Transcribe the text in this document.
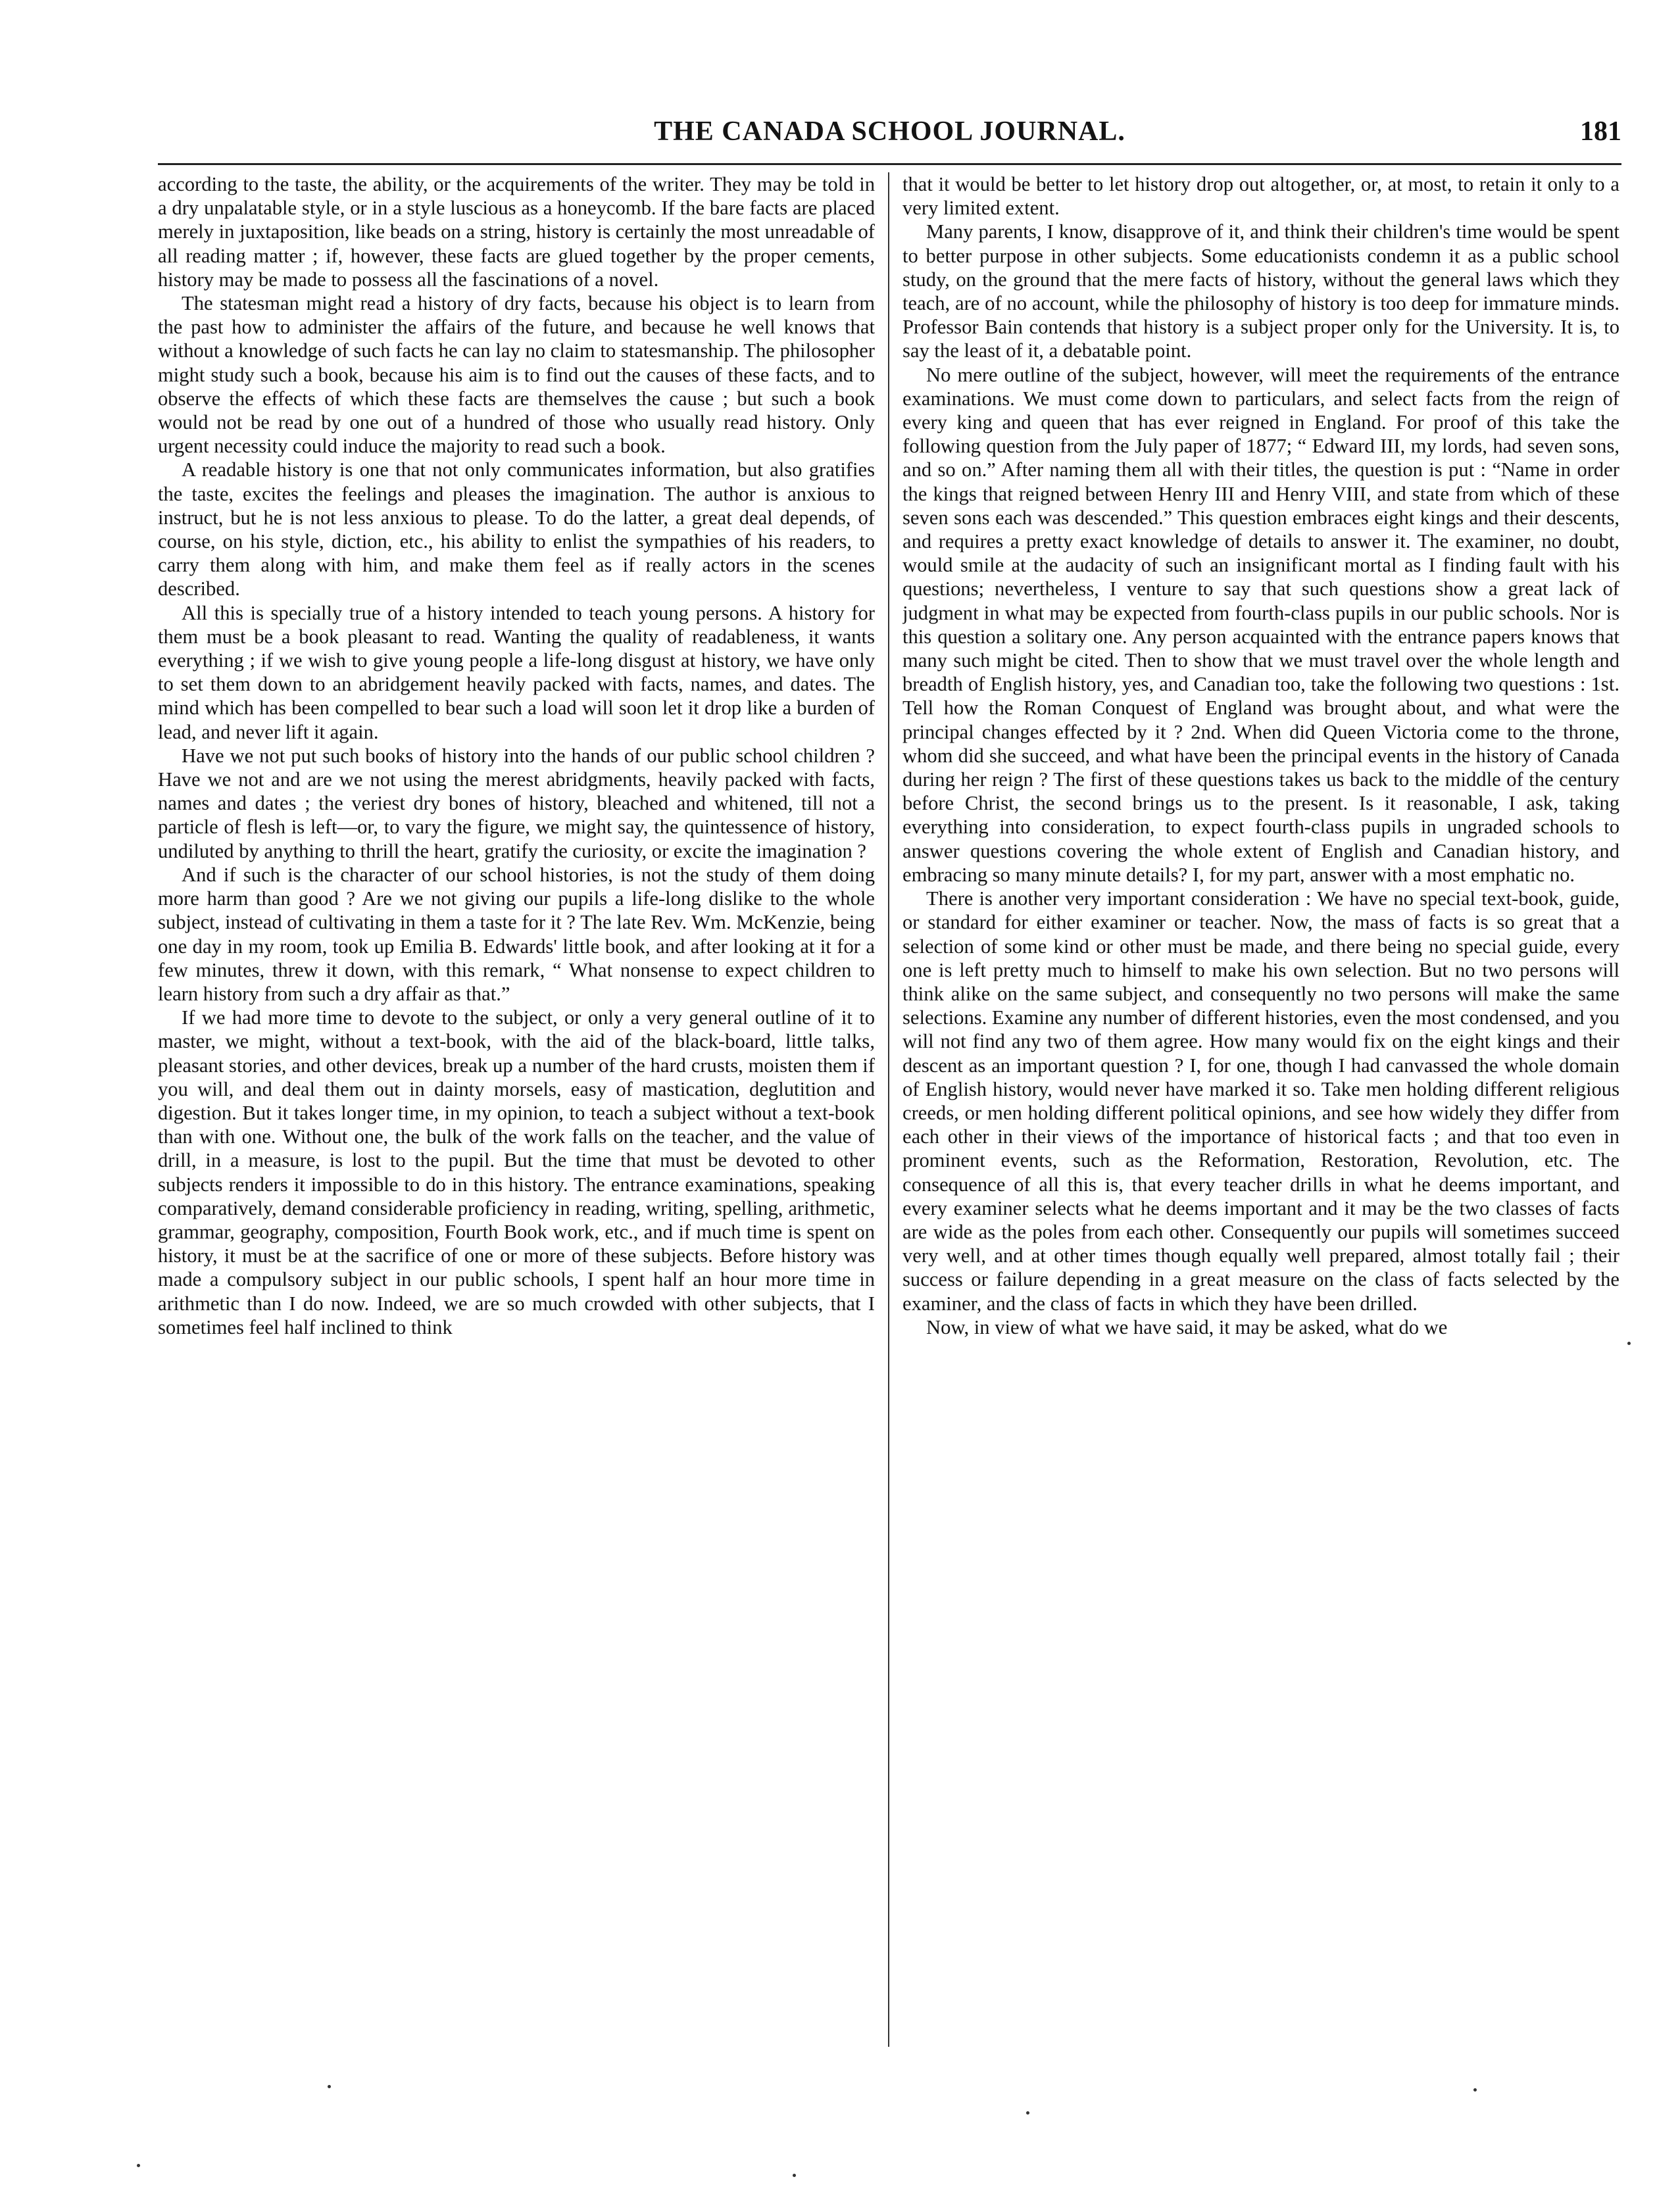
THE CANADA SCHOOL JOURNAL.	181

according to the taste, the ability, or the acquirements of the writer. They may be told in a dry unpalatable style, or in a style luscious as a honeycomb. If the bare facts are placed merely in juxtaposition, like beads on a string, history is certainly the most unreadable of all reading matter ; if, however, these facts are glued together by the proper cements, history may be made to possess all the fascinations of a novel.

The statesman might read a history of dry facts, because his object is to learn from the past how to administer the affairs of the future, and because he well knows that without a knowledge of such facts he can lay no claim to statesmanship. The philosopher might study such a book, because his aim is to find out the causes of these facts, and to observe the effects of which these facts are themselves the cause ; but such a book would not be read by one out of a hundred of those who usually read history. Only urgent necessity could induce the majority to read such a book.

A readable history is one that not only communicates information, but also gratifies the taste, excites the feelings and pleases the imagination. The author is anxious to instruct, but he is not less anxious to please. To do the latter, a great deal depends, of course, on his style, diction, etc., his ability to enlist the sympathies of his readers, to carry them along with him, and make them feel as if really actors in the scenes described.

All this is specially true of a history intended to teach young persons. A history for them must be a book pleasant to read. Wanting the quality of readableness, it wants everything ; if we wish to give young people a life-long disgust at history, we have only to set them down to an abridgement heavily packed with facts, names, and dates. The mind which has been compelled to bear such a load will soon let it drop like a burden of lead, and never lift it again.

Have we not put such books of history into the hands of our public school children ? Have we not and are we not using the merest abridgments, heavily packed with facts, names and dates ; the veriest dry bones of history, bleached and whitened, till not a particle of flesh is left—or, to vary the figure, we might say, the quintessence of history, undiluted by anything to thrill the heart, gratify the curiosity, or excite the imagination ?

And if such is the character of our school histories, is not the study of them doing more harm than good ? Are we not giving our pupils a life-long dislike to the whole subject, instead of cultivating in them a taste for it ? The late Rev. Wm. McKenzie, being one day in my room, took up Emilia B. Edwards' little book, and after looking at it for a few minutes, threw it down, with this remark, “ What nonsense to expect children to learn history from such a dry affair as that.”

If we had more time to devote to the subject, or only a very general outline of it to master, we might, without a text-book, with the aid of the black-board, little talks, pleasant stories, and other devices, break up a number of the hard crusts, moisten them if you will, and deal them out in dainty morsels, easy of mastication, deglutition and digestion. But it takes longer time, in my opinion, to teach a subject without a text-book than with one. Without one, the bulk of the work falls on the teacher, and the value of drill, in a measure, is lost to the pupil. But the time that must be devoted to other subjects renders it impossible to do in this history. The entrance examinations, speaking comparatively, demand considerable proficiency in reading, writing, spelling, arithmetic, grammar, geography, composition, Fourth Book work, etc., and if much time is spent on history, it must be at the sacrifice of one or more of these subjects. Before history was made a compulsory subject in our public schools, I spent half an hour more time in arithmetic than I do now. Indeed, we are so much crowded with other subjects, that I sometimes feel half inclined to think

that it would be better to let history drop out altogether, or, at most, to retain it only to a very limited extent.

Many parents, I know, disapprove of it, and think their children's time would be spent to better purpose in other subjects. Some educationists condemn it as a public school study, on the ground that the mere facts of history, without the general laws which they teach, are of no account, while the philosophy of history is too deep for immature minds. Professor Bain contends that history is a subject proper only for the University. It is, to say the least of it, a debatable point.

No mere outline of the subject, however, will meet the requirements of the entrance examinations. We must come down to particulars, and select facts from the reign of every king and queen that has ever reigned in England. For proof of this take the following question from the July paper of 1877; “ Edward III, my lords, had seven sons, and so on.” After naming them all with their titles, the question is put : “Name in order the kings that reigned between Henry III and Henry VIII, and state from which of these seven sons each was descended.” This question embraces eight kings and their descents, and requires a pretty exact knowledge of details to answer it. The examiner, no doubt, would smile at the audacity of such an insignificant mortal as I finding fault with his questions; nevertheless, I venture to say that such questions show a great lack of judgment in what may be expected from fourth-class pupils in our public schools. Nor is this question a solitary one. Any person acquainted with the entrance papers knows that many such might be cited. Then to show that we must travel over the whole length and breadth of English history, yes, and Canadian too, take the following two questions : 1st. Tell how the Roman Conquest of England was brought about, and what were the principal changes effected by it ? 2nd. When did Queen Victoria come to the throne, whom did she succeed, and what have been the principal events in the history of Canada during her reign ? The first of these questions takes us back to the middle of the century before Christ, the second brings us to the present. Is it reasonable, I ask, taking everything into consideration, to expect fourth-class pupils in ungraded schools to answer questions covering the whole extent of English and Canadian history, and embracing so many minute details? I, for my part, answer with a most emphatic no.

There is another very important consideration : We have no special text-book, guide, or standard for either examiner or teacher. Now, the mass of facts is so great that a selection of some kind or other must be made, and there being no special guide, every one is left pretty much to himself to make his own selection. But no two persons will think alike on the same subject, and consequently no two persons will make the same selections. Examine any number of different histories, even the most condensed, and you will not find any two of them agree. How many would fix on the eight kings and their descent as an important question ? I, for one, though I had canvassed the whole domain of English history, would never have marked it so. Take men holding different religious creeds, or men holding different political opinions, and see how widely they differ from each other in their views of the importance of historical facts ; and that too even in prominent events, such as the Reformation, Restoration, Revolution, etc. The consequence of all this is, that every teacher drills in what he deems important, and every examiner selects what he deems important and it may be the two classes of facts are wide as the poles from each other. Consequently our pupils will sometimes succeed very well, and at other times though equally well prepared, almost totally fail ; their success or failure depending in a great measure on the class of facts selected by the examiner, and the class of facts in which they have been drilled.

Now, in view of what we have said, it may be asked, what do we
